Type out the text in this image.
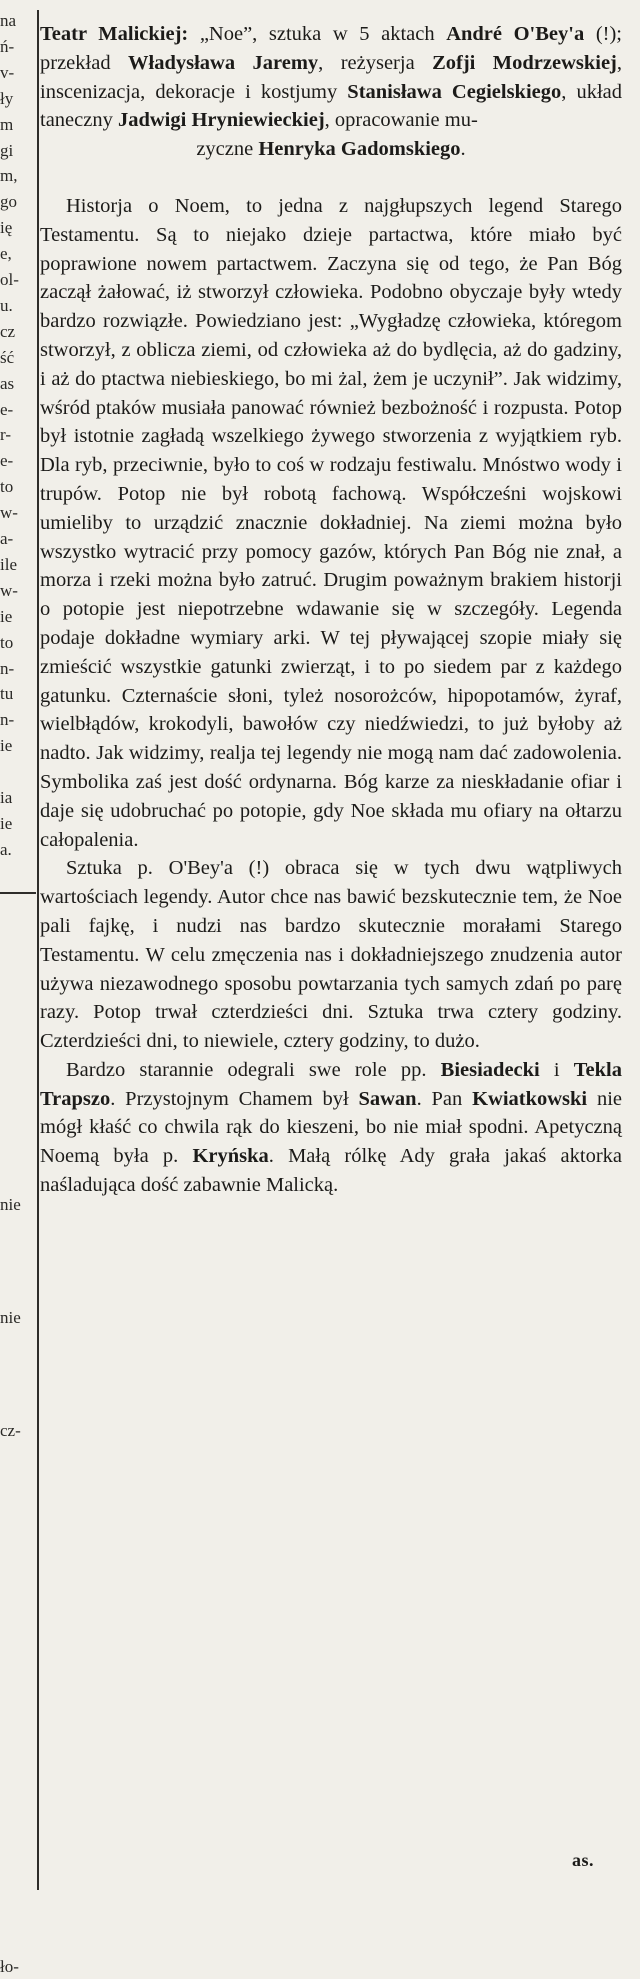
na
ń-
v-
ły
m
gi
m,
go
ię
e,
ol-
u.
cz
ść
as
e-
r-
e-
to
w-
a-
ile
w-
ie
to
n-
tu
n-
ie
ia
ie
a.
nie
nie
cz-
ło-

Teatr Malickiej: „Noe”, sztuka w 5 aktach André O'Bey'a (!); przekład Władysława Jaremy, reżyserja Zofji Modrzewskiej, inscenizacja, dekoracje i kostjumy Stanisława Cegielskiego, układ taneczny Jadwigi Hryniewieckiej, opracowanie mu-
zyczne Henryka Gadomskiego.

Historja o Noem, to jedna z najgłupszych legend Starego Testamentu. Są to niejako dzieje partactwa, które miało być poprawione nowem partactwem. Zaczyna się od tego, że Pan Bóg zaczął żałować, iż stworzył człowieka. Podobno obyczaje były wtedy bardzo rozwiązłe. Powiedziano jest: „Wygładzę człowieka, któregom stworzył, z oblicza ziemi, od człowieka aż do bydlęcia, aż do gadziny, i aż do ptactwa niebieskiego, bo mi żal, żem je uczynił”. Jak widzimy, wśród ptaków musiała panować również bezbożność i rozpusta. Potop był istotnie zagładą wszelkiego żywego stworzenia z wyjątkiem ryb. Dla ryb, przeciwnie, było to coś w rodzaju festiwalu. Mnóstwo wody i trupów. Potop nie był robotą fachową. Współcześni wojskowi umieliby to urządzić znacznie dokładniej. Na ziemi można było wszystko wytracić przy pomocy gazów, których Pan Bóg nie znał, a morza i rzeki można było zatruć. Drugim poważnym brakiem historji o potopie jest niepotrzebne wdawanie się w szczegóły. Legenda podaje dokładne wymiary arki. W tej pływającej szopie miały się zmieścić wszystkie gatunki zwierząt, i to po siedem par z każdego gatunku. Czternaście słoni, tyleż nosorożców, hipopotamów, żyraf, wielbłądów, krokodyli, bawołów czy niedźwiedzi, to już byłoby aż nadto. Jak widzimy, realja tej legendy nie mogą nam dać zadowolenia. Symbolika zaś jest dość ordynarna. Bóg karze za nieskładanie ofiar i daje się udobruchać po potopie, gdy Noe składa mu ofiary na ołtarzu całopalenia.

Sztuka p. O'Bey'a (!) obraca się w tych dwu wątpliwych wartościach legendy. Autor chce nas bawić bezskutecznie tem, że Noe pali fajkę, i nudzi nas bardzo skutecznie morałami Starego Testamentu. W celu zmęczenia nas i dokładniejszego znudzenia autor używa niezawodnego sposobu powtarzania tych samych zdań po parę razy. Potop trwał czterdzieści dni. Sztuka trwa cztery godziny. Czterdzieści dni, to niewiele, cztery godziny, to dużo.

Bardzo starannie odegrali swe role pp. Biesiadecki i Tekla Trapszo. Przystojnym Chamem był Sawan. Pan Kwiatkowski nie mógł kłaść co chwila rąk do kieszeni, bo nie miał spodni. Apetyczną Noemą była p. Kryńska. Małą rólkę Ady grała jakaś aktorka naśladująca dość zabawnie Malicką.

as.
